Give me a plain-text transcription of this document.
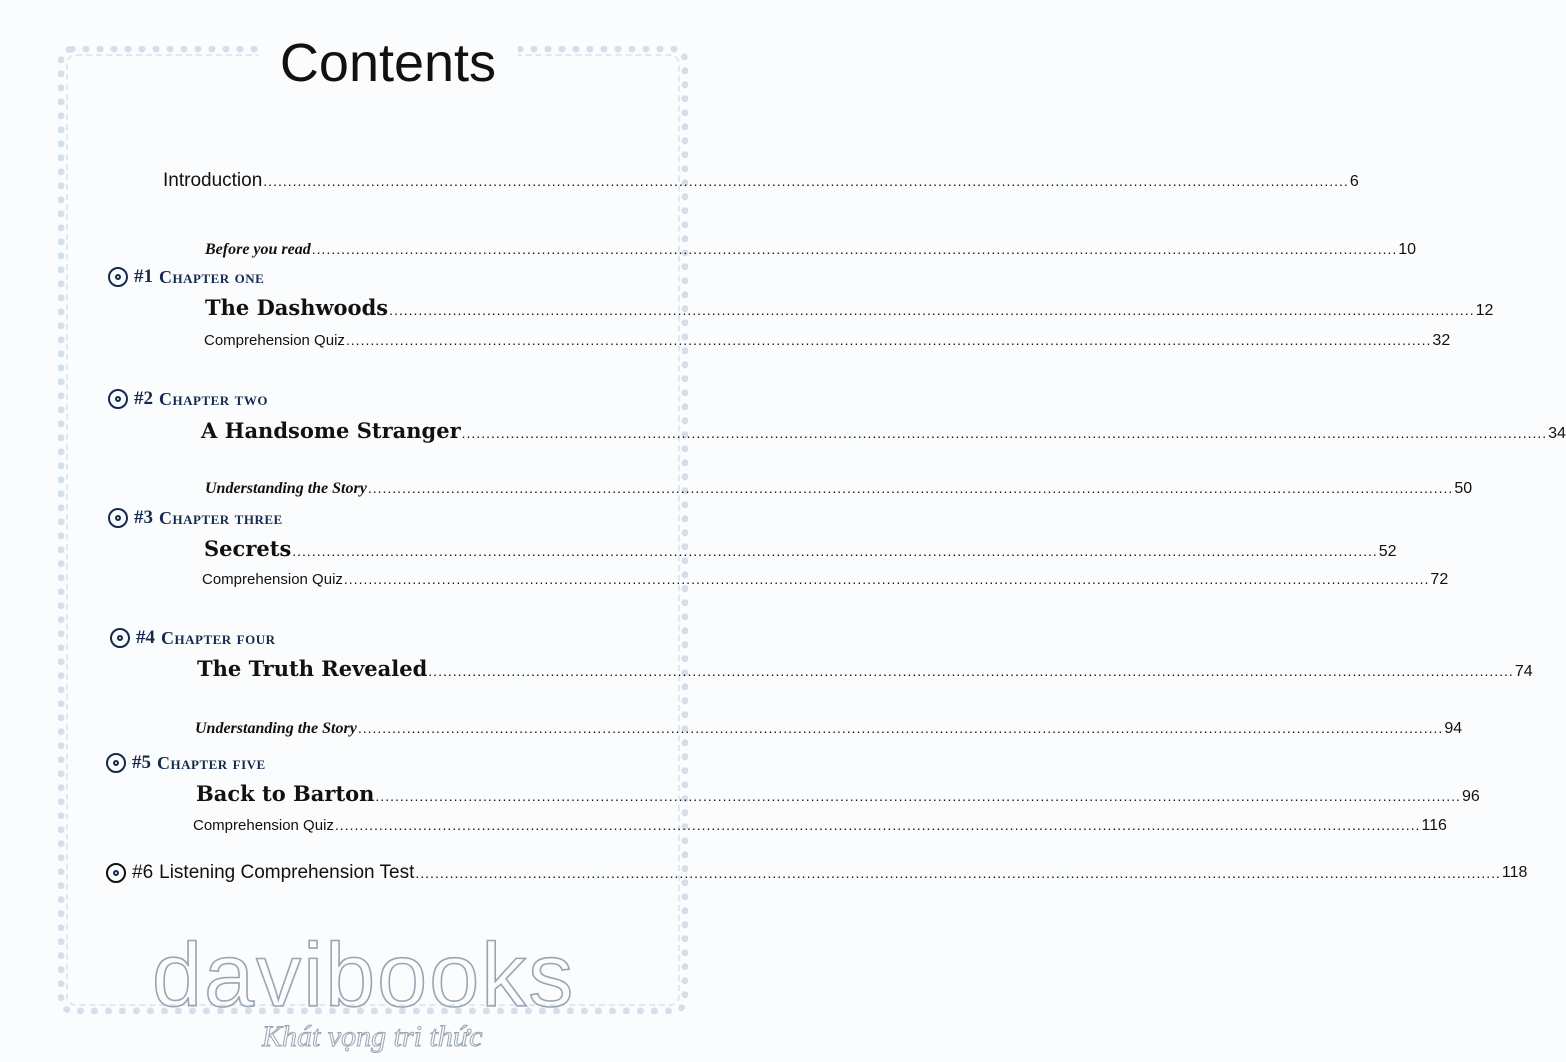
Contents
Introduction .............................................................................................................................................................................................................................. 6
Before you read .............................................................................................................................................................................................................................. 10
#1 Chapter one
The Dashwoods .............................................................................................................................................................................................................................. 12
Comprehension Quiz .............................................................................................................................................................................................................................. 32
#2 Chapter two
A Handsome Stranger .............................................................................................................................................................................................................................. 34
Understanding the Story .............................................................................................................................................................................................................................. 50
#3 Chapter three
Secrets .............................................................................................................................................................................................................................. 52
Comprehension Quiz .............................................................................................................................................................................................................................. 72
#4 Chapter four
The Truth Revealed .............................................................................................................................................................................................................................. 74
Understanding the Story .............................................................................................................................................................................................................................. 94
#5 Chapter five
Back to Barton .............................................................................................................................................................................................................................. 96
Comprehension Quiz .............................................................................................................................................................................................................................. 116
#6 Listening Comprehension Test .............................................................................................................................................................................................................................. 118
davibooks
Khát vọng tri thức
